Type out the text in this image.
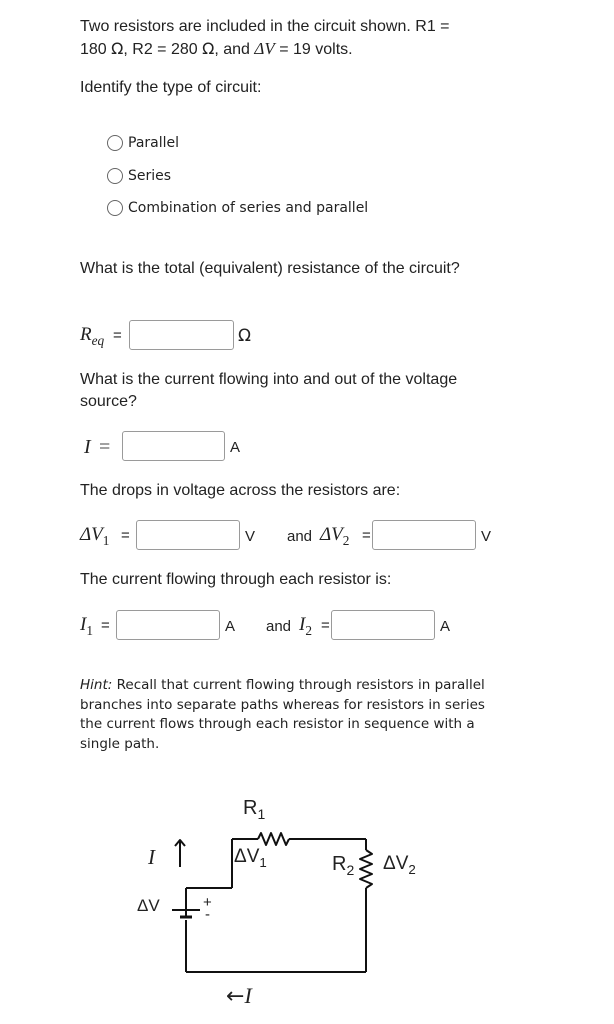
Two resistors are included in the circuit shown. R1 =
180 Ω, R2 = 280 Ω, and ΔV = 19 volts.
Identify the type of circuit:
Parallel
Series
Combination of series and parallel
What is the total (equivalent) resistance of the circuit?
$R_{eq}$ =	Ω
What is the current flowing into and out of the voltage source?
I =	A
The drops in voltage across the resistors are:
$\Delta V_1$ =	V and $\Delta V_2$ =	V
The current flowing through each resistor is:
$I_1$ =	A and $I_2$ =	A
Hint: Recall that current flowing through resistors in parallel branches into separate paths whereas for resistors in series the current flows through each resistor in sequence with a single path.
$R_1$
$\Delta V_1$	$R_2$ $\Delta V_2$
I
ΔV	+
-
←I
